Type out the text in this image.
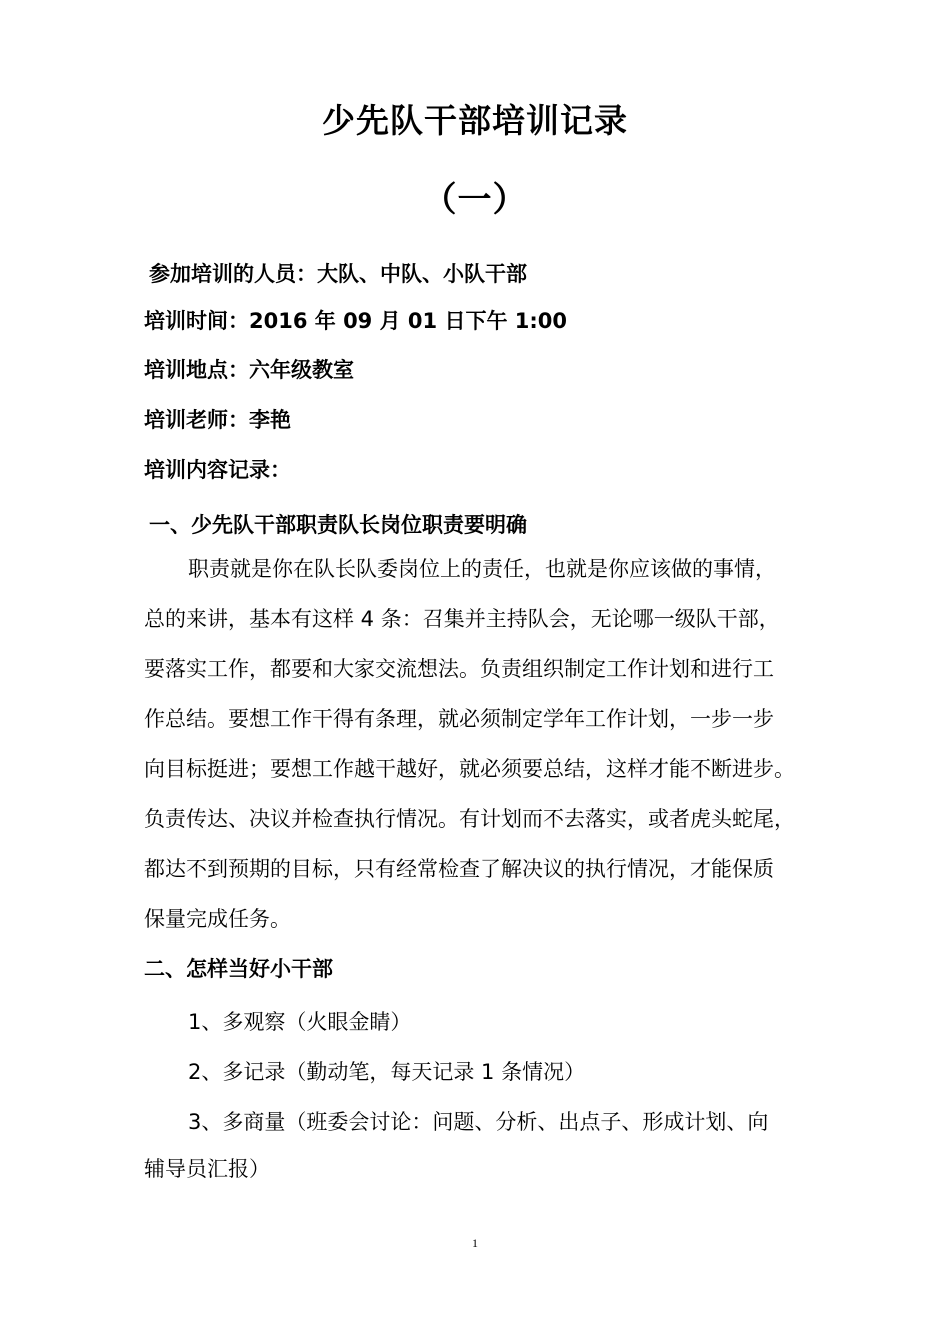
少先队干部培训记录
（一）
参加培训的人员：大队、中队、小队干部
培训时间：2016 年 09 月 01 日下午 1:00
培训地点：六年级教室
培训老师：李艳
培训内容记录：
一、少先队干部职责队长岗位职责要明确
职责就是你在队长队委岗位上的责任，也就是你应该做的事情，
总的来讲，基本有这样 4 条：召集并主持队会，无论哪一级队干部，
要落实工作，都要和大家交流想法。负责组织制定工作计划和进行工
作总结。要想工作干得有条理，就必须制定学年工作计划，一步一步
向目标挺进；要想工作越干越好，就必须要总结，这样才能不断进步。
负责传达、决议并检查执行情况。有计划而不去落实，或者虎头蛇尾，
都达不到预期的目标，只有经常检查了解决议的执行情况，才能保质
保量完成任务。
二、怎样当好小干部
1、多观察（火眼金睛）
2、多记录（勤动笔，每天记录 1 条情况）
3、多商量（班委会讨论：问题、分析、出点子、形成计划、向
辅导员汇报）
1
